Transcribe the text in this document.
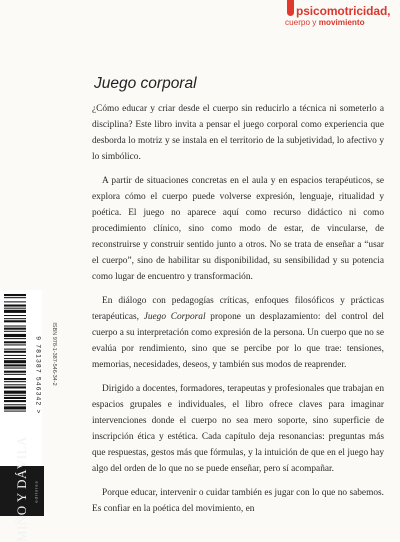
psicomotricidad,
cuerpo y movimiento
Juego corporal

¿Cómo educar y criar desde el cuerpo sin reducirlo a técnica ni someterlo a disciplina? Este libro invita a pensar el juego corporal como experiencia que desborda lo motriz y se instala en el territorio de la subjetividad, lo afectivo y lo simbólico.

A partir de situaciones concretas en el aula y en espacios terapéuticos, se explora cómo el cuerpo puede volverse expresión, lenguaje, ritualidad y poética. El juego no aparece aquí como recurso didáctico ni como procedimiento clínico, sino como modo de estar, de vincularse, de reconstruirse y construir sentido junto a otros. No se trata de enseñar a “usar el cuerpo”, sino de habilitar su disponibilidad, su sensibilidad y su potencia como lugar de encuentro y transformación.

En diálogo con pedagogías críticas, enfoques filosóficos y prácticas terapéuticas, Juego Corporal propone un desplazamiento: del control del cuerpo a su interpretación como expresión de la persona. Un cuerpo que no se evalúa por rendimiento, sino que se percibe por lo que trae: tensiones, memorias, necesidades, deseos, y también sus modos de reaprender.

Dirigido a docentes, formadores, terapeutas y profesionales que trabajan en espacios grupales e individuales, el libro ofrece claves para imaginar intervenciones donde el cuerpo no sea mero soporte, sino superficie de inscripción ética y estética. Cada capítulo deja resonancias: preguntas más que respuestas, gestos más que fórmulas, y la intuición de que en el juego hay algo del orden de lo que no se puede enseñar, pero sí acompañar.

Porque educar, intervenir o cuidar también es jugar con lo que no sabemos. Es confiar en la poética del movimiento, en

9 781387 546342 > ISBN 978-1-387-546-34-2
MIÑO Y DÁVILA editores
